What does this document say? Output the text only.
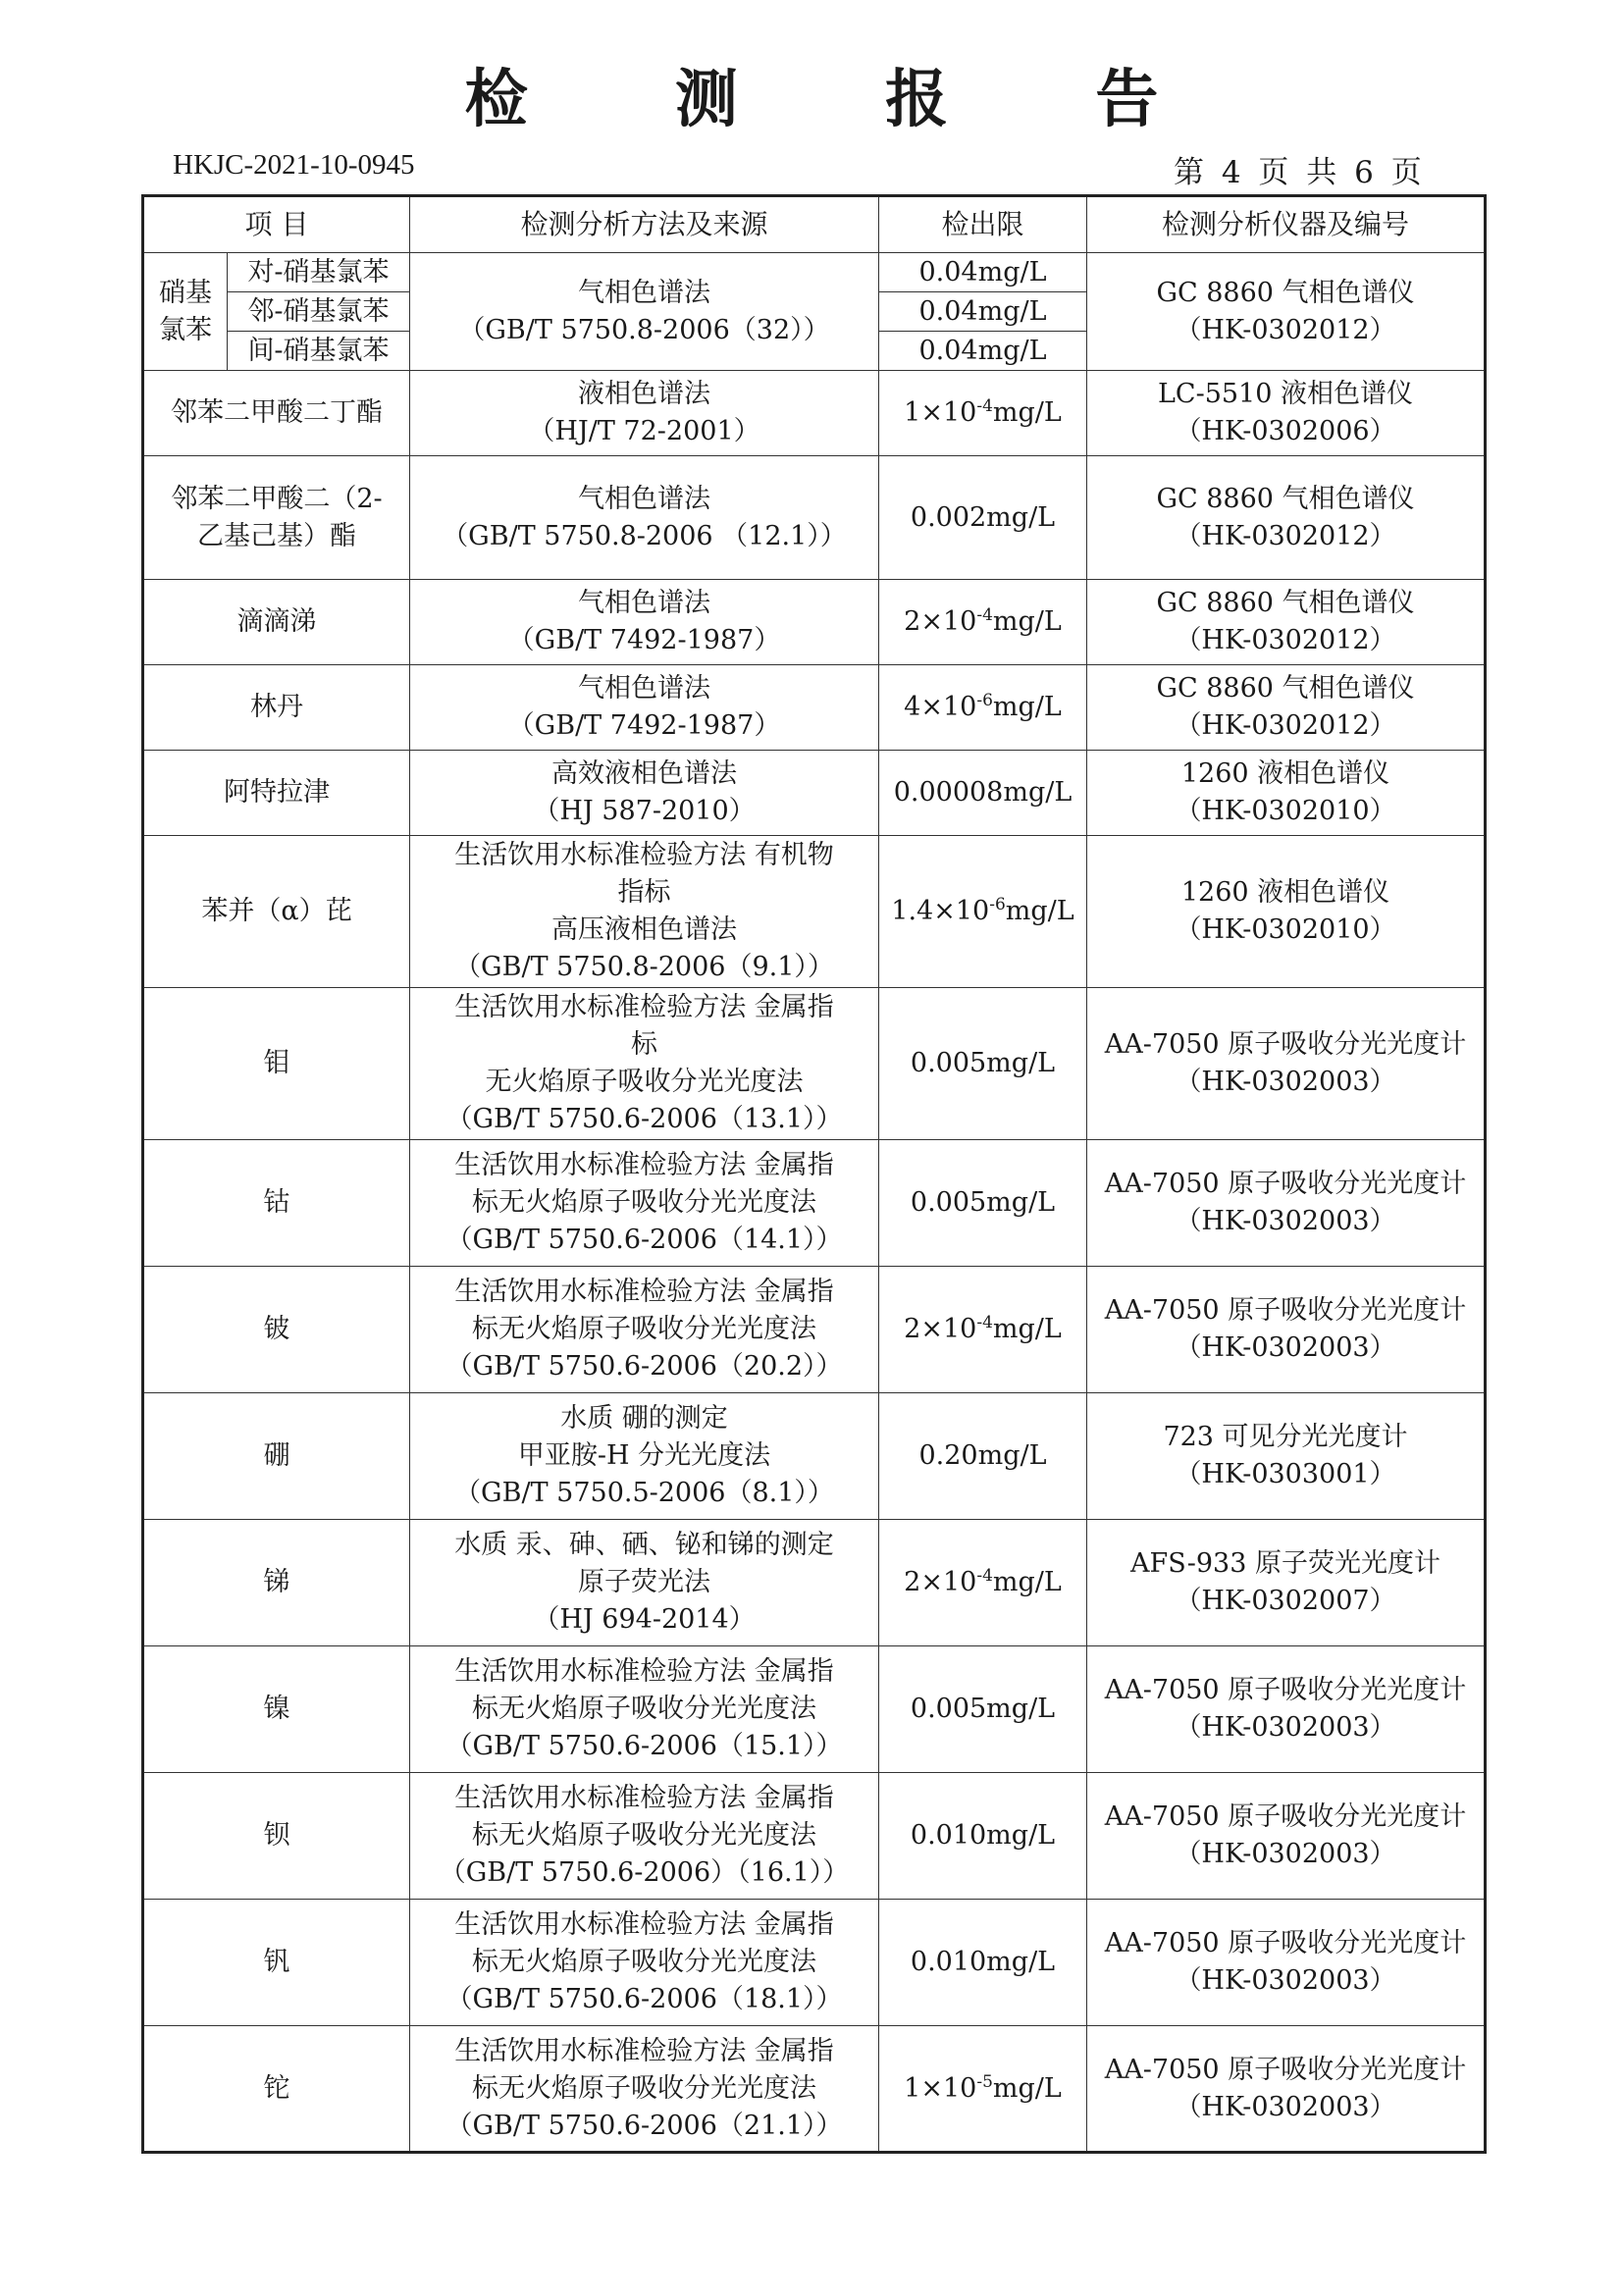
检 测 报 告
HKJC-2021-10-0945	第 4 页 共 6 页
项 目		检测分析方法及来源	检出限	检测分析仪器及编号

硝基
氯苯	对-硝基氯苯	气相色谱法
（GB/T 5750.8-2006（32））	0.04mg/L	GC 8860 气相色谱仪
（HK-0302012）

	邻-硝基氯苯		0.04mg/L	
	间-硝基氯苯		0.04mg/L	

邻苯二甲酸二丁酯		液相色谱法
（HJ/T 72-2001）	$1\times 10^{-4}mg/L$	LC-5510 液相色谱仪
（HK-0302006）

邻苯二甲酸二（2-
乙基己基）酯		气相色谱法
（GB/T 5750.8-2006 （12.1））	0.002mg/L	GC 8860 气相色谱仪
（HK-0302012）

滴滴涕		气相色谱法
（GB/T 7492-1987）	$2\times 10^{-4}mg/L$	GC 8860 气相色谱仪
（HK-0302012）

林丹		气相色谱法
（GB/T 7492-1987）	$4\times 10^{-6}mg/L$	GC 8860 气相色谱仪
（HK-0302012）

阿特拉津		高效液相色谱法
（HJ 587-2010）	0.00008mg/L	1260 液相色谱仪
（HK-0302010）

苯并（α）芘		生活饮用水标准检验方法 有机物
指标
高压液相色谱法
（GB/T 5750.8-2006（9.1））	$1.4\times 10^{-6}mg/L$	1260 液相色谱仪
（HK-0302010）

钼		生活饮用水标准检验方法 金属指
标
无火焰原子吸收分光光度法
（GB/T 5750.6-2006（13.1））	0.005mg/L	AA-7050 原子吸收分光光度计
（HK-0302003）

钴		生活饮用水标准检验方法 金属指
标无火焰原子吸收分光光度法
（GB/T 5750.6-2006（14.1））	0.005mg/L	AA-7050 原子吸收分光光度计
（HK-0302003）

铍		生活饮用水标准检验方法 金属指
标无火焰原子吸收分光光度法
（GB/T 5750.6-2006（20.2））	$2\times 10^{-4}mg/L$	AA-7050 原子吸收分光光度计
（HK-0302003）

硼		水质 硼的测定
甲亚胺-H 分光光度法
（GB/T 5750.5-2006（8.1））	0.20mg/L	723 可见分光光度计
（HK-0303001）

锑		水质 汞、砷、硒、铋和锑的测定
原子荧光法
（HJ 694-2014）	$2\times 10^{-4}mg/L$	AFS-933 原子荧光光度计
（HK-0302007）

镍		生活饮用水标准检验方法 金属指
标无火焰原子吸收分光光度法
（GB/T 5750.6-2006（15.1））	0.005mg/L	AA-7050 原子吸收分光光度计
（HK-0302003）

钡		生活饮用水标准检验方法 金属指
标无火焰原子吸收分光光度法
（GB/T 5750.6-2006）（16.1））	0.010mg/L	AA-7050 原子吸收分光光度计
（HK-0302003）

钒		生活饮用水标准检验方法 金属指
标无火焰原子吸收分光光度法
（GB/T 5750.6-2006（18.1））	0.010mg/L	AA-7050 原子吸收分光光度计
（HK-0302003）

铊		生活饮用水标准检验方法 金属指
标无火焰原子吸收分光光度法
（GB/T 5750.6-2006（21.1））	$1\times 10^{-5}mg/L$	AA-7050 原子吸收分光光度计
（HK-0302003）
